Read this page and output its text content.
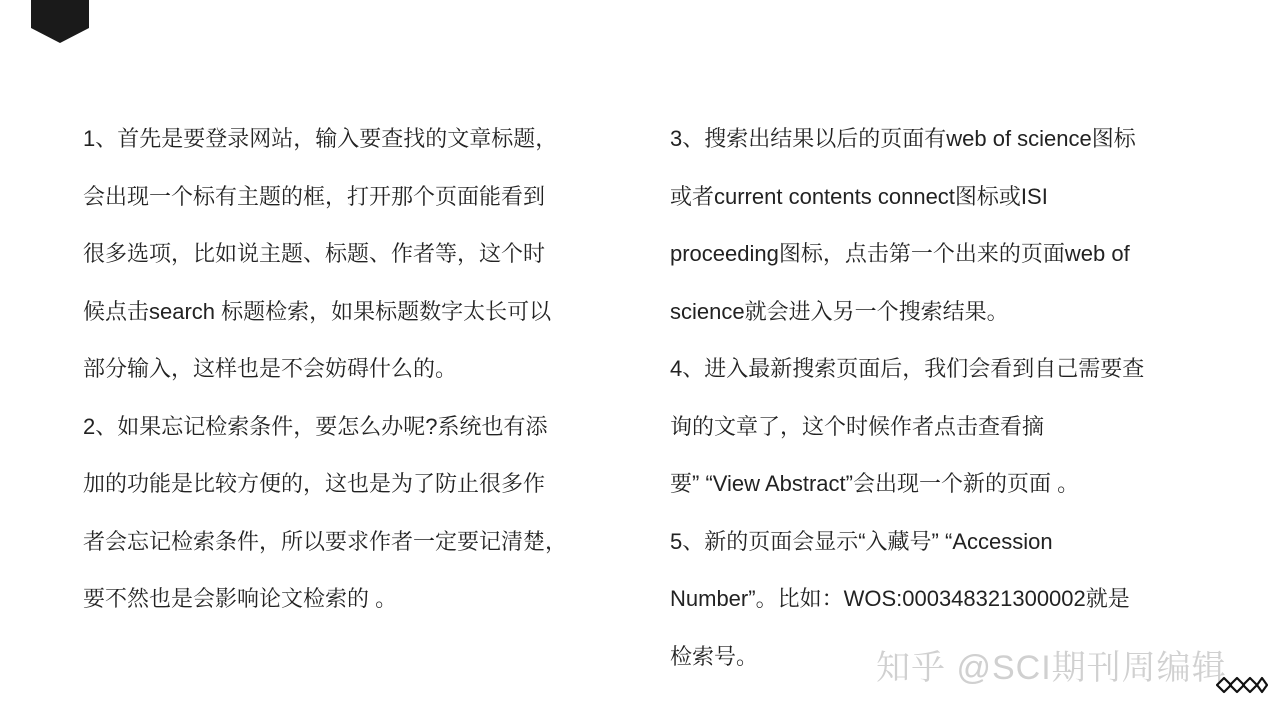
1、首先是要登录网站，输入要查找的文章标题，
会出现一个标有主题的框，打开那个页面能看到
很多选项，比如说主题、标题、作者等，这个时
候点击search 标题检索，如果标题数字太长可以
部分输入，这样也是不会妨碍什么的。
2、如果忘记检索条件，要怎么办呢?系统也有添
加的功能是比较方便的，这也是为了防止很多作
者会忘记检索条件，所以要求作者一定要记清楚，
要不然也是会影响论文检索的 。
3、搜索出结果以后的页面有web of science图标
或者current contents connect图标或ISI
proceeding图标，点击第一个出来的页面web of
science就会进入另一个搜索结果。
4、进入最新搜索页面后，我们会看到自己需要查
询的文章了，这个时候作者点击查看摘
要” “View Abstract”会出现一个新的页面 。
5、新的页面会显示“入藏号” “Accession
Number”。比如：WOS:000348321300002就是
检索号。	知乎 @SCI期刊周编辑
